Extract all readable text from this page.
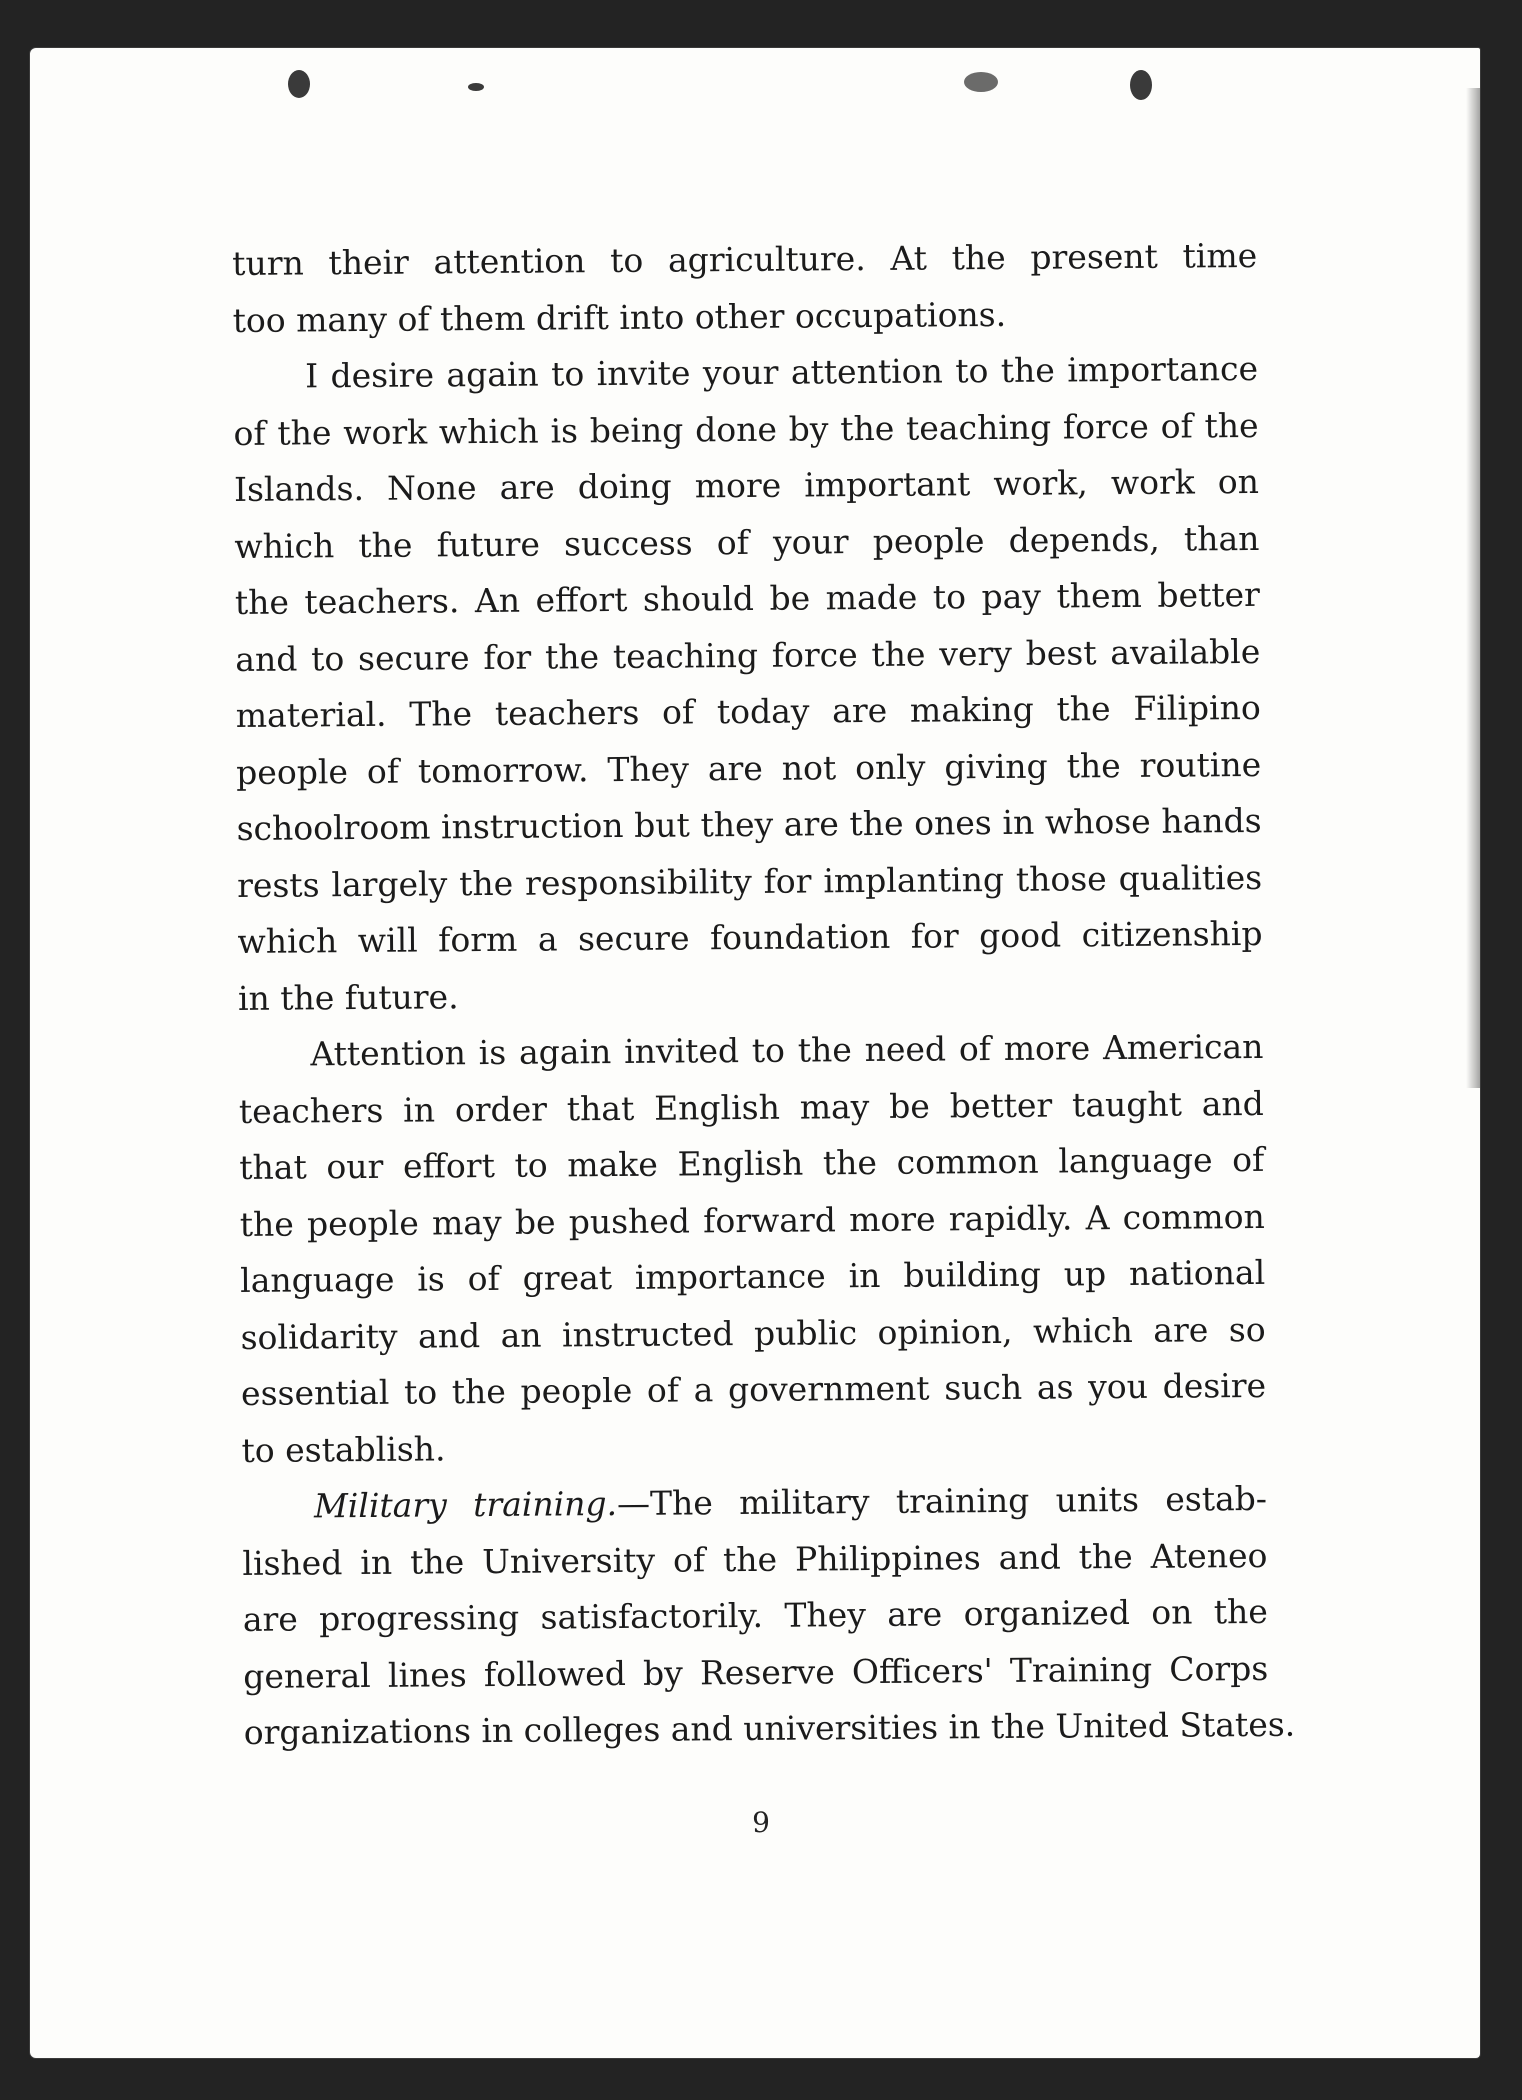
turn their attention to agriculture. At the present time
too many of them drift into other occupations.

I desire again to invite your attention to the importance
of the work which is being done by the teaching force of the
Islands. None are doing more important work, work on
which the future success of your people depends, than
the teachers. An effort should be made to pay them better
and to secure for the teaching force the very best available
material. The teachers of today are making the Filipino
people of tomorrow. They are not only giving the routine
schoolroom instruction but they are the ones in whose hands
rests largely the responsibility for implanting those qualities
which will form a secure foundation for good citizenship
in the future.

Attention is again invited to the need of more American
teachers in order that English may be better taught and
that our effort to make English the common language of
the people may be pushed forward more rapidly. A common
language is of great importance in building up national
solidarity and an instructed public opinion, which are so
essential to the people of a government such as you desire
to establish.

Military training.—The military training units estab-
lished in the University of the Philippines and the Ateneo
are progressing satisfactorily. They are organized on the
general lines followed by Reserve Officers' Training Corps
organizations in colleges and universities in the United States.

9
